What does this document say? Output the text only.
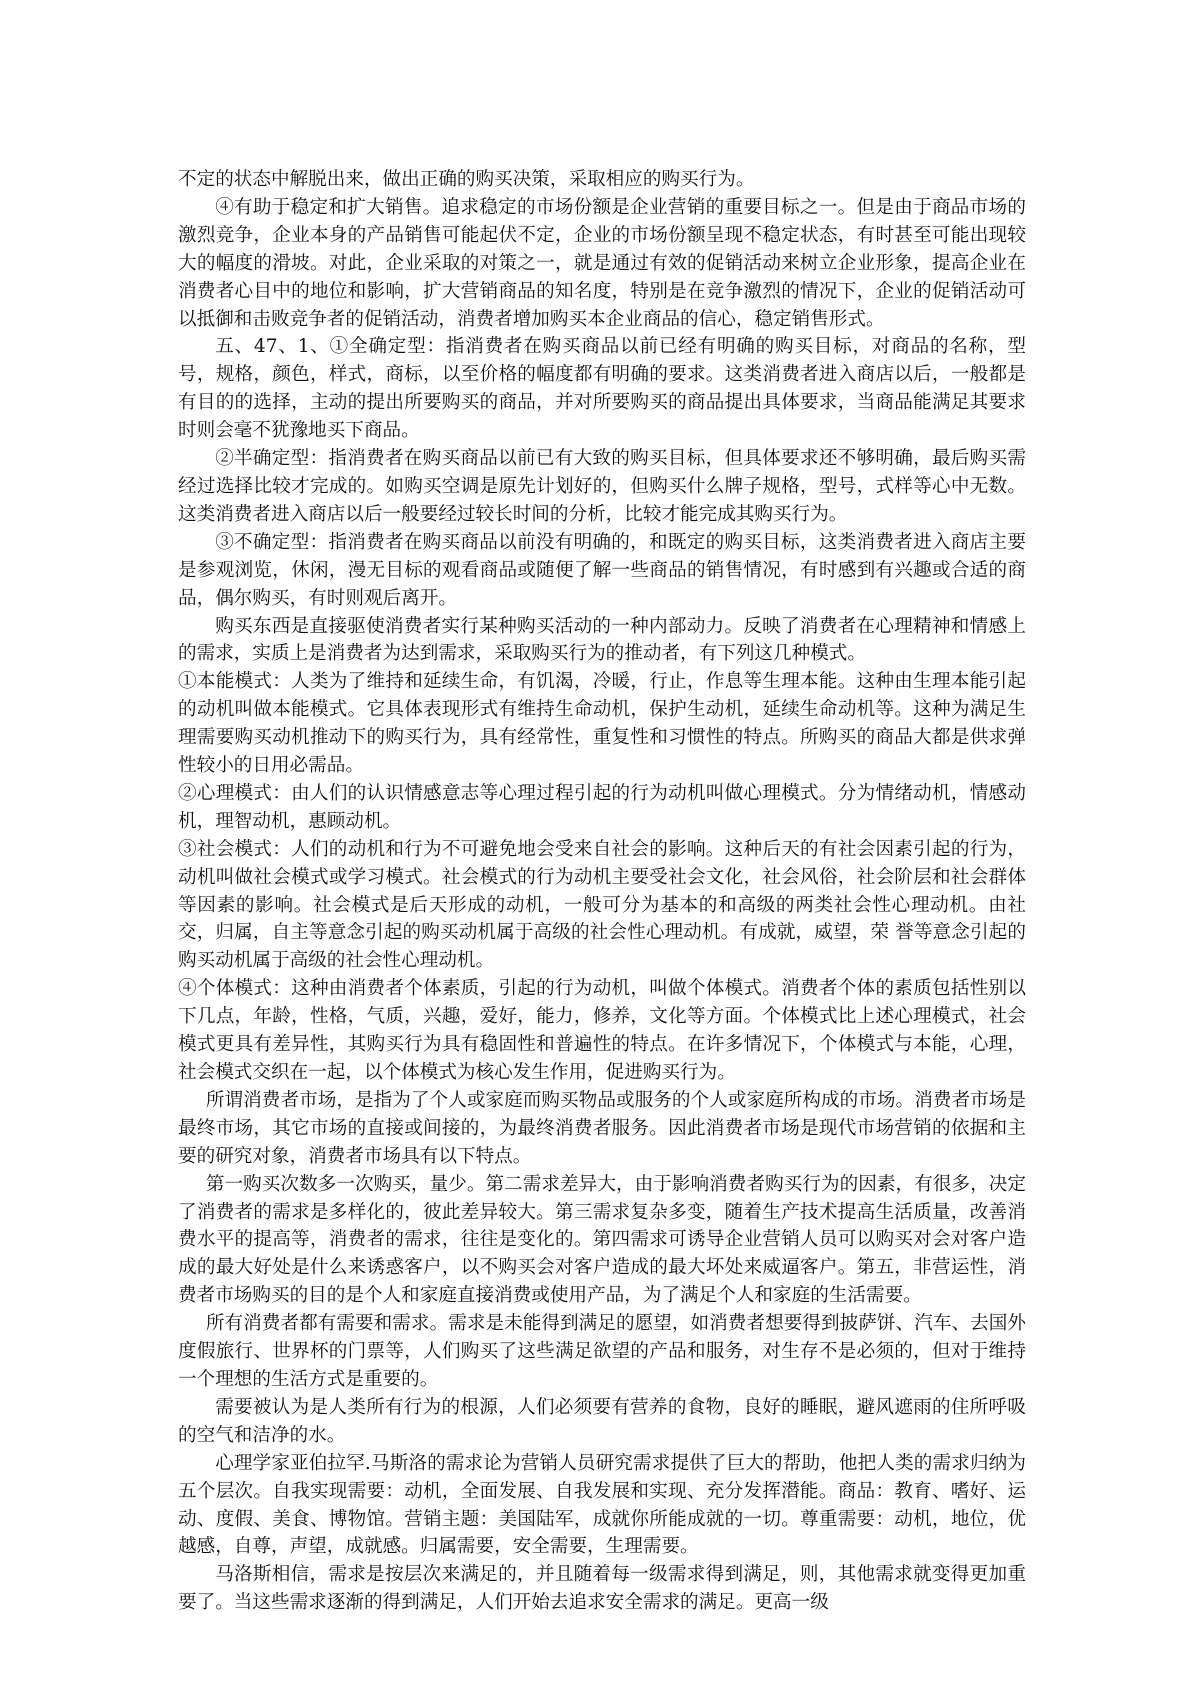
不定的状态中解脱出来，做出正确的购买决策，采取相应的购买行为。

④有助于稳定和扩大销售。追求稳定的市场份额是企业营销的重要目标之一。但是由于商品市场的激烈竞争，企业本身的产品销售可能起伏不定，企业的市场份额呈现不稳定状态，有时甚至可能出现较大的幅度的滑坡。对此，企业采取的对策之一，就是通过有效的促销活动来树立企业形象，提高企业在消费者心目中的地位和影响，扩大营销商品的知名度，特别是在竞争激烈的情况下，企业的促销活动可以抵御和击败竞争者的促销活动，消费者增加购买本企业商品的信心，稳定销售形式。

五、47、1、①全确定型：指消费者在购买商品以前已经有明确的购买目标，对商品的名称，型号，规格，颜色，样式，商标，以至价格的幅度都有明确的要求。这类消费者进入商店以后，一般都是有目的的选择，主动的提出所要购买的商品，并对所要购买的商品提出具体要求，当商品能满足其要求时则会毫不犹豫地买下商品。

②半确定型：指消费者在购买商品以前已有大致的购买目标，但具体要求还不够明确，最后购买需经过选择比较才完成的。如购买空调是原先计划好的，但购买什么牌子规格，型号，式样等心中无数。这类消费者进入商店以后一般要经过较长时间的分析，比较才能完成其购买行为。

③不确定型：指消费者在购买商品以前没有明确的，和既定的购买目标，这类消费者进入商店主要是参观浏览，休闲，漫无目标的观看商品或随便了解一些商品的销售情况，有时感到有兴趣或合适的商品，偶尔购买，有时则观后离开。

购买东西是直接驱使消费者实行某种购买活动的一种内部动力。反映了消费者在心理精神和情感上的需求，实质上是消费者为达到需求，采取购买行为的推动者，有下列这几种模式。

①本能模式：人类为了维持和延续生命，有饥渴，冷暖，行止，作息等生理本能。这种由生理本能引起的动机叫做本能模式。它具体表现形式有维持生命动机，保护生动机，延续生命动机等。这种为满足生理需要购买动机推动下的购买行为，具有经常性，重复性和习惯性的特点。所购买的商品大都是供求弹性较小的日用必需品。

②心理模式：由人们的认识情感意志等心理过程引起的行为动机叫做心理模式。分为情绪动机，情感动机，理智动机，惠顾动机。

③社会模式：人们的动机和行为不可避免地会受来自社会的影响。这种后天的有社会因素引起的行为，动机叫做社会模式或学习模式。社会模式的行为动机主要受社会文化，社会风俗，社会阶层和社会群体等因素的影响。社会模式是后天形成的动机，一般可分为基本的和高级的两类社会性心理动机。由社交，归属，自主等意念引起的购买动机属于高级的社会性心理动机。有成就，威望，荣 誉等意念引起的购买动机属于高级的社会性心理动机。

④个体模式：这种由消费者个体素质，引起的行为动机，叫做个体模式。消费者个体的素质包括性别以下几点，年龄，性格，气质，兴趣，爱好，能力，修养，文化等方面。个体模式比上述心理模式，社会模式更具有差异性，其购买行为具有稳固性和普遍性的特点。在许多情况下，个体模式与本能，心理，社会模式交织在一起，以个体模式为核心发生作用，促进购买行为。

所谓消费者市场，是指为了个人或家庭而购买物品或服务的个人或家庭所构成的市场。消费者市场是最终市场，其它市场的直接或间接的，为最终消费者服务。因此消费者市场是现代市场营销的依据和主要的研究对象，消费者市场具有以下特点。

第一购买次数多一次购买，量少。第二需求差异大，由于影响消费者购买行为的因素，有很多，决定了消费者的需求是多样化的，彼此差异较大。第三需求复杂多变，随着生产技术提高生活质量，改善消费水平的提高等，消费者的需求，往往是变化的。第四需求可诱导企业营销人员可以购买对会对客户造成的最大好处是什么来诱惑客户，以不购买会对客户造成的最大坏处来威逼客户。第五，非营运性，消费者市场购买的目的是个人和家庭直接消费或使用产品，为了满足个人和家庭的生活需要。

所有消费者都有需要和需求。需求是未能得到满足的愿望，如消费者想要得到披萨饼、汽车、去国外度假旅行、世界杯的门票等，人们购买了这些满足欲望的产品和服务，对生存不是必须的，但对于维持一个理想的生活方式是重要的。

需要被认为是人类所有行为的根源，人们必须要有营养的食物，良好的睡眠，避风遮雨的住所呼吸的空气和洁净的水。

心理学家亚伯拉罕.马斯洛的需求论为营销人员研究需求提供了巨大的帮助，他把人类的需求归纳为五个层次。自我实现需要：动机，全面发展、自我发展和实现、充分发挥潜能。商品：教育、嗜好、运动、度假、美食、博物馆。营销主题：美国陆军，成就你所能成就的一切。尊重需要：动机，地位，优越感，自尊，声望，成就感。归属需要，安全需要，生理需要。

马洛斯相信，需求是按层次来满足的，并且随着每一级需求得到满足，则，其他需求就变得更加重要了。当这些需求逐渐的得到满足，人们开始去追求安全需求的满足。更高一级
